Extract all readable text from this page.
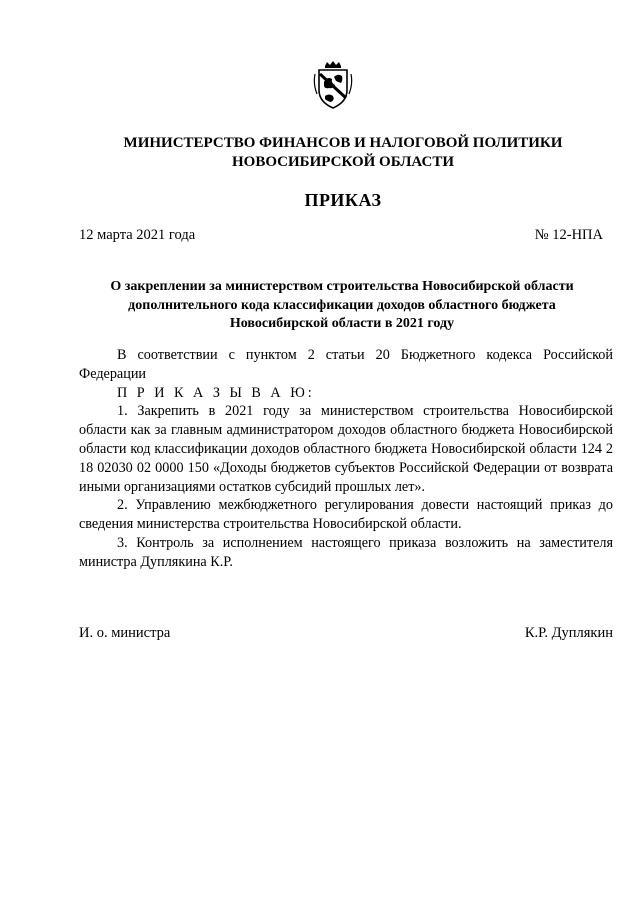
МИНИСТЕРСТВО ФИНАНСОВ И НАЛОГОВОЙ ПОЛИТИКИ
НОВОСИБИРСКОЙ ОБЛАСТИ
ПРИКАЗ
12 марта 2021 года	№ 12-НПА
О закреплении за министерством строительства Новосибирской области
дополнительного кода классификации доходов областного бюджета
Новосибирской области в 2021 году

В соответствии с пунктом 2 статьи 20 Бюджетного кодекса Российской Федерации

П Р И К А З Ы В А Ю:

1. Закрепить в 2021 году за министерством строительства Новосибирской области как за главным администратором доходов областного бюджета Новосибирской области код классификации доходов областного бюджета Новосибирской области 124 2 18 02030 02 0000 150 «Доходы бюджетов субъектов Российской Федерации от возврата иными организациями остатков субсидий прошлых лет».

2. Управлению межбюджетного регулирования довести настоящий приказ до сведения министерства строительства Новосибирской области.

3. Контроль за исполнением настоящего приказа возложить на заместителя министра Дуплякина К.Р.

И. о. министра	К.Р. Дуплякин
